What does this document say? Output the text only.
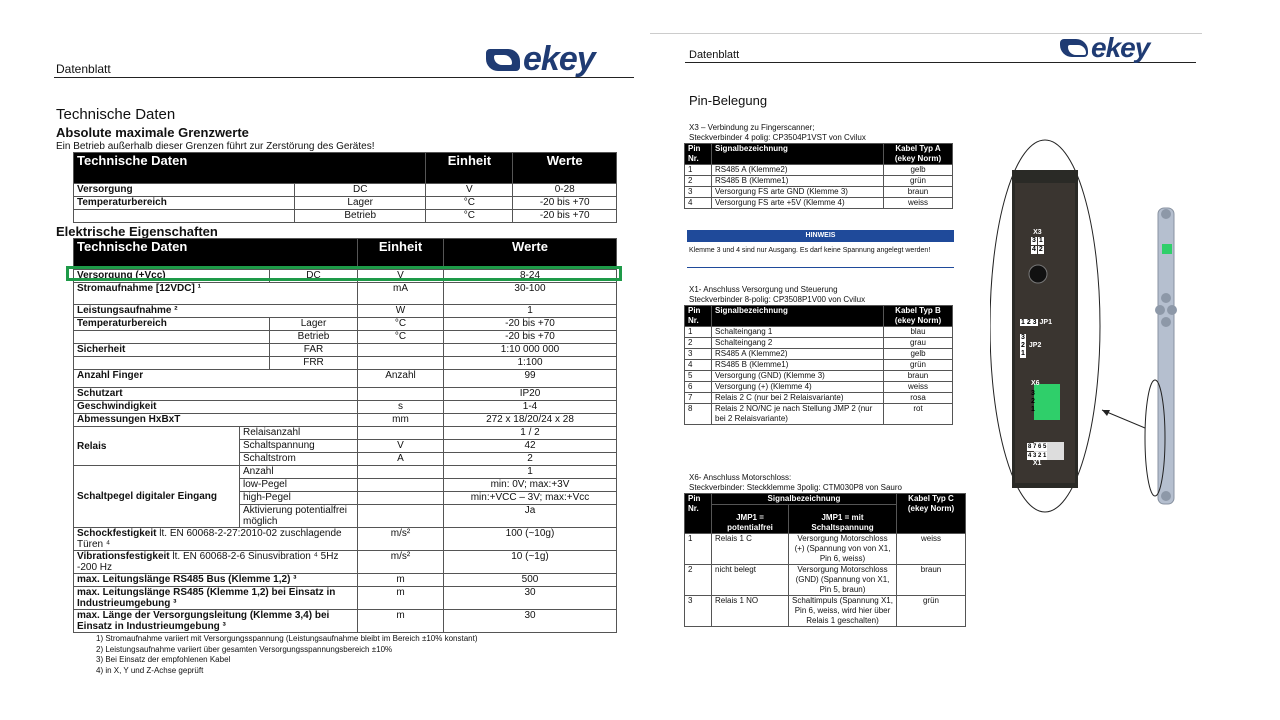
Datenblatt	ekey
Technische Daten
Absolute maximale Grenzwerte
Ein Betrieb außerhalb dieser Grenzen führt zur Zerstörung des Gerätes!
Technische Daten		Einheit	Werte
Versorgung	DC	V	0-28
Temperaturbereich	Lager	°C	-20 bis +70
	Betrieb	°C	-20 bis +70
Elektrische Eigenschaften
Technische Daten			Einheit	Werte
Versorgung (+Vcc)		DC	V	8-24
Stromaufnahme [12VDC] ¹			mA	30-100
Leistungsaufnahme ²			W	1
Temperaturbereich		Lager	°C	-20 bis +70
		Betrieb	°C	-20 bis +70
Sicherheit		FAR		1:10 000 000
		FRR		1:100
Anzahl Finger			Anzahl	99
Schutzart				IP20
Geschwindigkeit			s	1-4
Abmessungen HxBxT			mm	272 x 18/20/24 x 28
Relais	Relaisanzahl			1 / 2
	Schaltspannung		V	42
	Schaltstrom		A	2
Schaltpegel digitaler Eingang	Anzahl			1
	low-Pegel			min: 0V; max:+3V
	high-Pegel			min:+VCC – 3V; max:+Vcc
	Aktivierung potentialfrei möglich			Ja
Schockfestigkeit lt. EN 60068-2-27:2010-02 zuschlagende Türen ⁴			m/s²	100 (~10g)
Vibrationsfestigkeit lt. EN 60068-2-6 Sinusvibration ⁴ 5Hz -200 Hz			m/s²	10 (~1g)
max. Leitungslänge RS485 Bus (Klemme 1,2) ³			m	500
max. Leitungslänge RS485 (Klemme 1,2) bei Einsatz in Industrieumgebung ³			m	30
max. Länge der Versorgungsleitung (Klemme 3,4) bei Einsatz in Industrieumgebung ³			m	30
1) Stromaufnahme variiert mit Versorgungsspannung (Leistungsaufnahme bleibt im Bereich ±10% konstant)
2) Leistungsaufnahme variiert über gesamten Versorgungsspannungsbereich ±10%
3) Bei Einsatz der empfohlenen Kabel
4) in X, Y und Z-Achse geprüft
Datenblatt	ekey
Pin-Belegung
X3 – Verbindung zu Fingerscanner;
Steckverbinder 4 polig: CP3504P1VST von Cvilux
Pin Nr.	Signalbezeichnung	Kabel Typ A (ekey Norm)
1	RS485 A (Klemme2)	gelb
2	RS485 B (Klemme1)	grün
3	Versorgung FS arte GND (Klemme 3)	braun
4	Versorgung FS arte +5V (Klemme 4)	weiss
HINWEIS
Klemme 3 und 4 sind nur Ausgang. Es darf keine Spannung angelegt werden!
X1- Anschluss Versorgung und Steuerung
Steckverbinder 8-polig: CP3508P1V00 von Cvilux
Pin Nr.	Signalbezeichnung	Kabel Typ B (ekey Norm)
1	Schalteingang 1	blau
2	Schalteingang 2	grau
3	RS485 A (Klemme2)	gelb
4	RS485 B (Klemme1)	grün
5	Versorgung (GND) (Klemme 3)	braun
6	Versorgung (+) (Klemme 4)	weiss
7	Relais 2 C (nur bei 2 Relaisvariante)	rosa
8	Relais 2 NO/NC je nach Stellung JMP 2 (nur bei 2 Relaisvariante)	rot
X6- Anschluss Motorschloss:
Steckverbinder: Steckklemme 3polig: CTM030P8 von Sauro
Pin Nr.	Signalbezeichnung		Kabel Typ C (ekey Norm)
	JMP1 = potentialfrei	JMP1 = mit Schaltspannung	
1	Relais 1 C	Versorgung Motorschloss (+) (Spannung von von X1, Pin 6, weiss)	weiss
2	nicht belegt	Versorgung Motorschloss (GND) (Spannung von X1, Pin 5, braun)	braun
3	Relais 1 NO	Schaltimpuls (Spannung X1, Pin 6, weiss, wird hier über Relais 1 geschalten)	grün
X3
3 1
4 2
1 2 3 JP1
3
2
1
JP2
X6
3
2
1
8 7 6 5
4 3 2 1
X1
